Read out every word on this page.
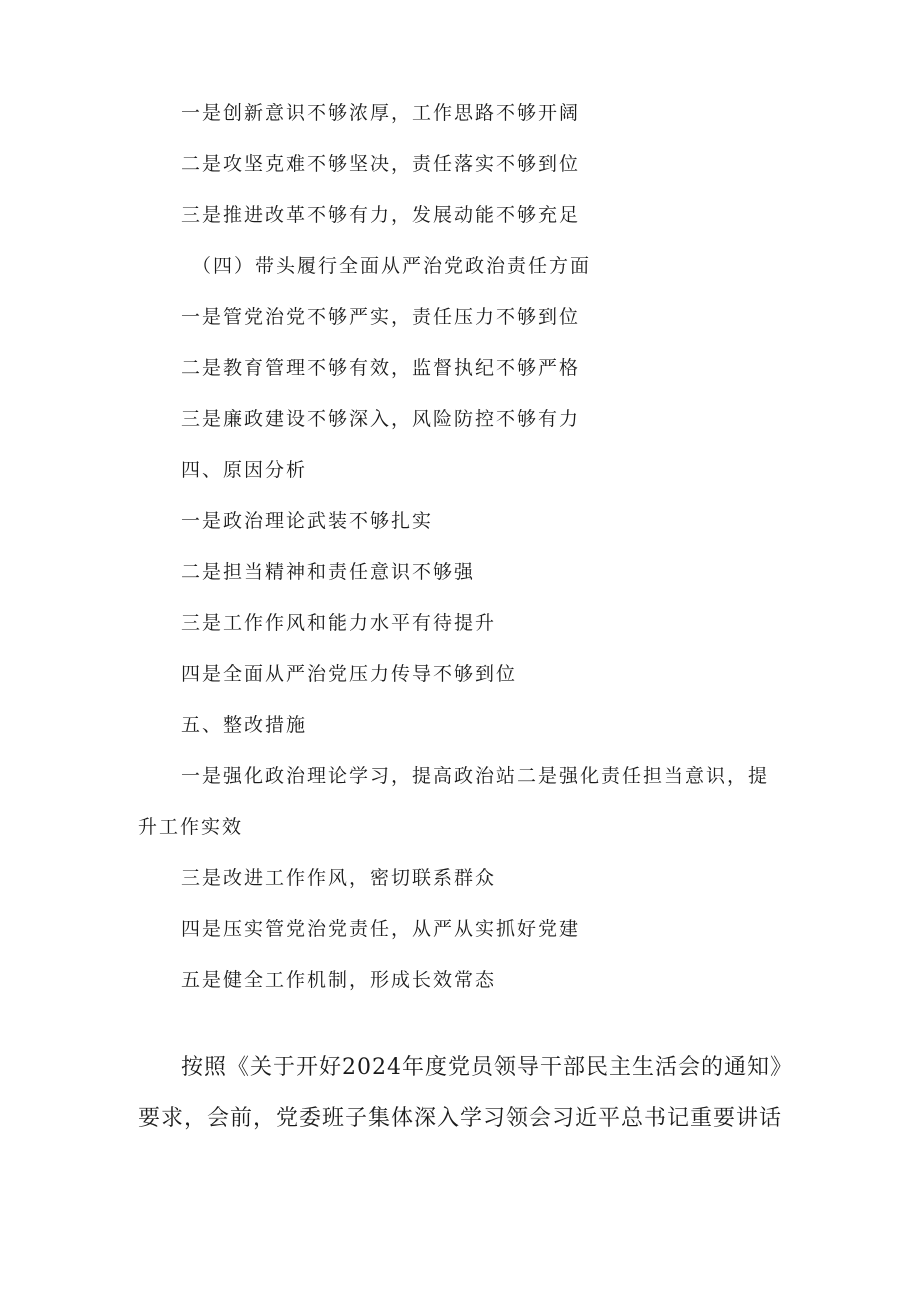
一是创新意识不够浓厚，工作思路不够开阔
二是攻坚克难不够坚决，责任落实不够到位
三是推进改革不够有力，发展动能不够充足
（四）带头履行全面从严治党政治责任方面
一是管党治党不够严实，责任压力不够到位
二是教育管理不够有效，监督执纪不够严格
三是廉政建设不够深入，风险防控不够有力
四、原因分析
一是政治理论武装不够扎实
二是担当精神和责任意识不够强
三是工作作风和能力水平有待提升
四是全面从严治党压力传导不够到位
五、整改措施
一是强化政治理论学习，提高政治站二是强化责任担当意识，提
升工作实效
三是改进工作作风，密切联系群众
四是压实管党治党责任，从严从实抓好党建
五是健全工作机制，形成长效常态
按照《关于开好2024年度党员领导干部民主生活会的通知》
要求，会前，党委班子集体深入学习领会习近平总书记重要讲话
